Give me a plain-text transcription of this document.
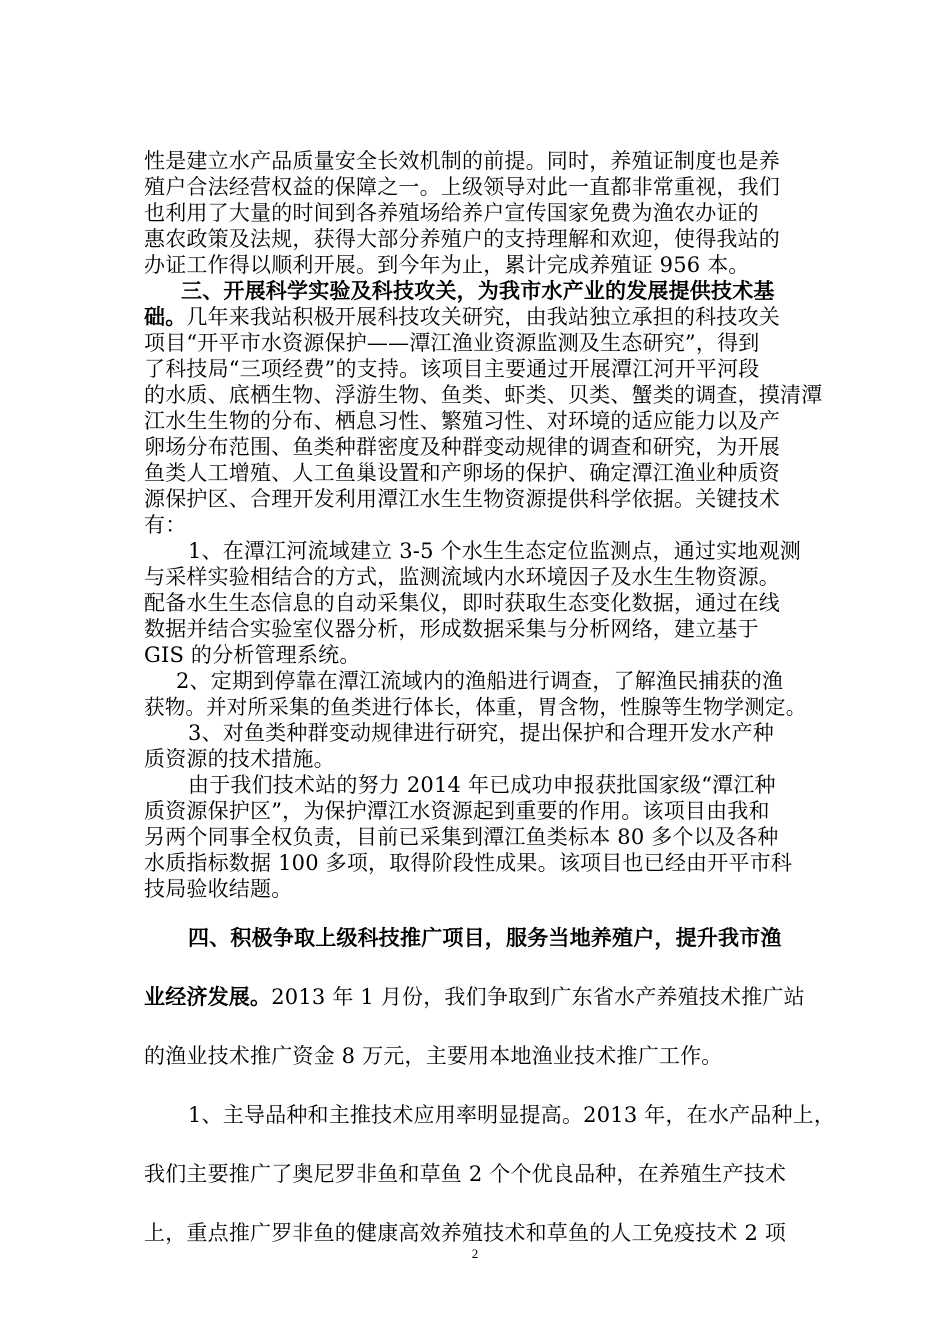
性是建立水产品质量安全长效机制的前提。同时，养殖证制度也是养
殖户合法经营权益的保障之一。上级领导对此一直都非常重视，我们
也利用了大量的时间到各养殖场给养户宣传国家免费为渔农办证的
惠农政策及法规，获得大部分养殖户的支持理解和欢迎，使得我站的
办证工作得以顺利开展。到今年为止，累计完成养殖证 956 本。
三、开展科学实验及科技攻关，为我市水产业的发展提供技术基
础。几年来我站积极开展科技攻关研究，由我站独立承担的科技攻关
项目“开平市水资源保护——潭江渔业资源监测及生态研究”，得到
了科技局“三项经费”的支持。该项目主要通过开展潭江河开平河段
的水质、底栖生物、浮游生物、鱼类、虾类、贝类、蟹类的调查，摸清潭
江水生生物的分布、栖息习性、繁殖习性、对环境的适应能力以及产
卵场分布范围、鱼类种群密度及种群变动规律的调查和研究，为开展
鱼类人工增殖、人工鱼巢设置和产卵场的保护、确定潭江渔业种质资
源保护区、合理开发利用潭江水生生物资源提供科学依据。关键技术
有：
1、在潭江河流域建立 3-5 个水生生态定位监测点，通过实地观测
与采样实验相结合的方式，监测流域内水环境因子及水生生物资源。
配备水生生态信息的自动采集仪，即时获取生态变化数据，通过在线
数据并结合实验室仪器分析，形成数据采集与分析网络，建立基于
GIS 的分析管理系统。
2、定期到停靠在潭江流域内的渔船进行调查，了解渔民捕获的渔
获物。并对所采集的鱼类进行体长，体重，胃含物，性腺等生物学测定。
3、对鱼类种群变动规律进行研究，提出保护和合理开发水产种
质资源的技术措施。
由于我们技术站的努力 2014 年已成功申报获批国家级“潭江种
质资源保护区”，为保护潭江水资源起到重要的作用。该项目由我和
另两个同事全权负责，目前已采集到潭江鱼类标本 80 多个以及各种
水质指标数据 100 多项，取得阶段性成果。该项目也已经由开平市科
技局验收结题。
四、积极争取上级科技推广项目，服务当地养殖户，提升我市渔
业经济发展。2013 年 1 月份，我们争取到广东省水产养殖技术推广站
的渔业技术推广资金 8 万元，主要用本地渔业技术推广工作。
1、主导品种和主推技术应用率明显提高。2013 年，在水产品种上，
我们主要推广了奥尼罗非鱼和草鱼 2 个个优良品种，在养殖生产技术
上，重点推广罗非鱼的健康高效养殖技术和草鱼的人工免疫技术 2 项
2
